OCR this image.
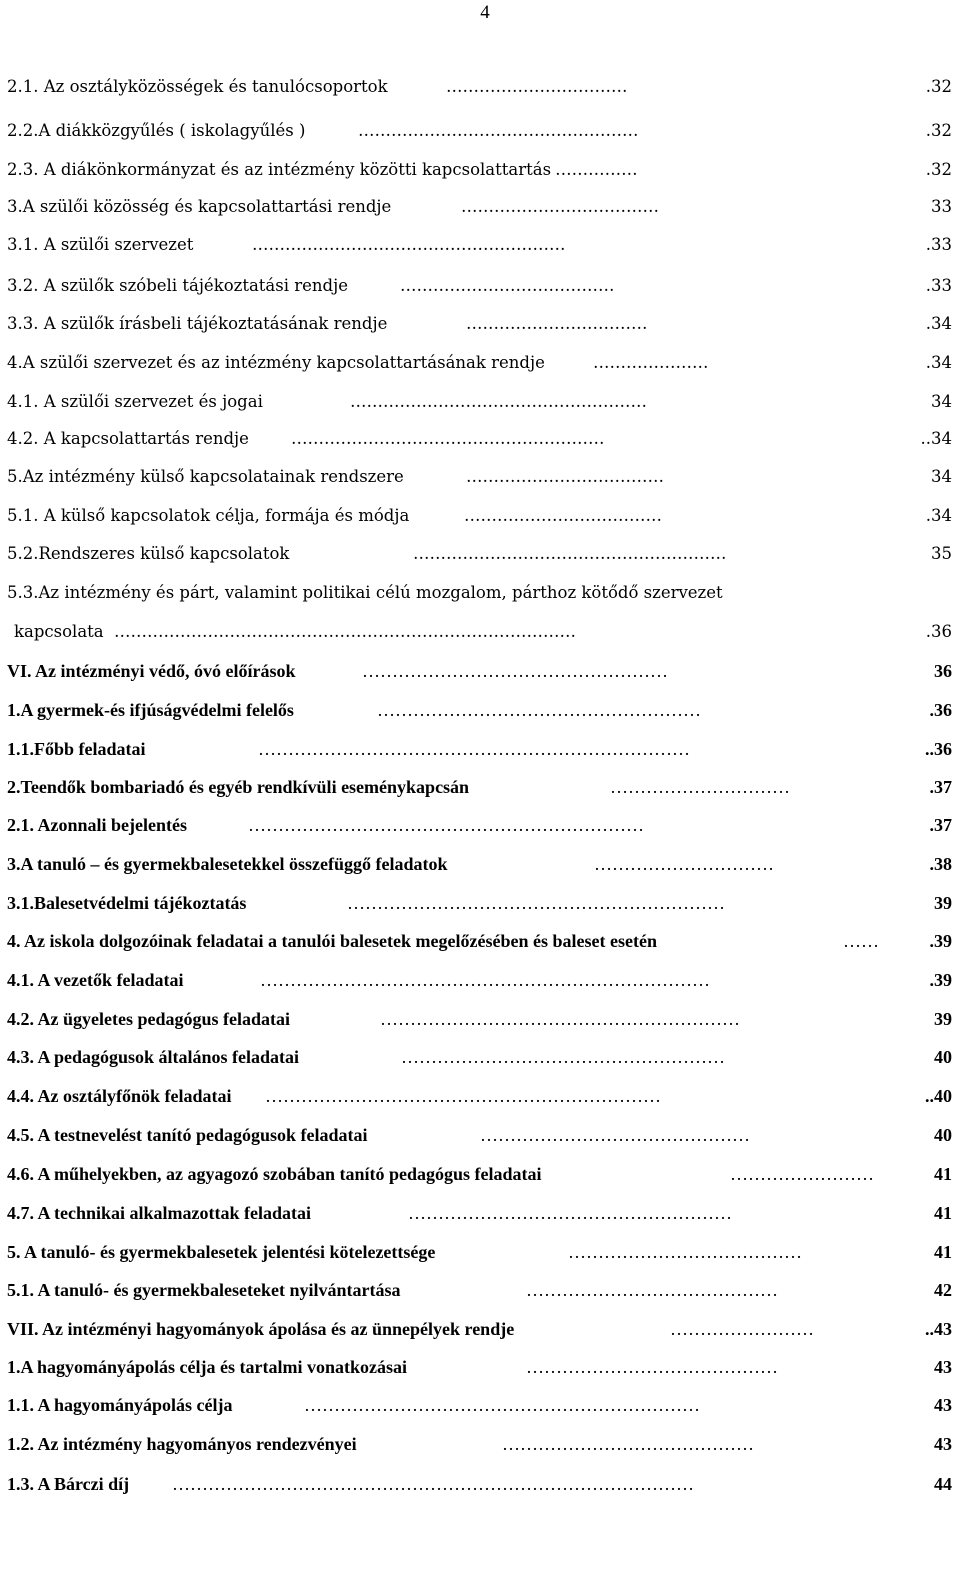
4
2.1. Az osztályközösségek és tanulócsoportok	……………………………	.32
2.2.A diákközgyűlés ( iskolagyűlés )	……………………………………………	.32
2.3. A diákönkormányzat és az intézmény közötti kapcsolattartás ……………	.32
3.A szülői közösség és kapcsolattartási rendje	………………………………	33
3.1. A szülői szervezet	…………………………………………………	.33
3.2. A szülők szóbeli tájékoztatási rendje	…………………………………	.33
3.3. A szülők írásbeli tájékoztatásának rendje	……………………………	.34
4.A szülői szervezet és az intézmény kapcsolattartásának rendje	…………………	.34
4.1. A szülői szervezet és jogai	………………………………………………	34
4.2. A kapcsolattartás rendje	…………………………………………………	..34
5.Az intézmény külső kapcsolatainak rendszere	………………………………	34
5.1. A külső kapcsolatok célja, formája és módja	………………………………	.34
5.2.Rendszeres külső kapcsolatok	…………………………………………………	35
5.3.Az intézmény és párt, valamint politikai célú mozgalom, párthoz kötődő szervezet
kapcsolata …………………………………………………………………………	.36
VI. Az intézményi védő, óvó előírások	……………………………………………	36
1.A gyermek-és ifjúságvédelmi felelős	………………………………………………	.36
1.1.Főbb feladatai	………………………………………………………………	..36
2.Teendők bombariadó és egyéb rendkívüli eseménykapcsán	…………………………	.37
2.1. Azonnali bejelentés	…………………………………………………………	.37
3.A tanuló – és gyermekbalesetekkel összefüggő feladatok	…………………………	.38
3.1.Balesetvédelmi tájékoztatás	………………………………………………………	39
4. Az iskola dolgozóinak feladatai a tanulói balesetek megelőzésében és baleset esetén	……	.39
4.1. A vezetők feladatai	…………………………………………………………………	.39
4.2. Az ügyeletes pedagógus feladatai	……………………………………………………	39
4.3. A pedagógusok általános feladatai	………………………………………………	40
4.4. Az osztályfőnök feladatai …………………………………………………………	..40
4.5. A testnevelést tanító pedagógusok feladatai	………………………………………	40
4.6. A műhelyekben, az agyagozó szobában tanító pedagógus feladatai	……………………	41
4.7. A technikai alkalmazottak feladatai	………………………………………………	41
5. A tanuló- és gyermekbalesetek jelentési kötelezettsége	…………………………………	41
5.1. A tanuló- és gyermekbaleseteket nyilvántartása	……………………………………	42
VII. Az intézményi hagyományok ápolása és az ünnepélyek rendje	……………………	..43
1.A hagyományápolás célja és tartalmi vonatkozásai	……………………………………	43
1.1. A hagyományápolás célja	…………………………………………………………	43
1.2. Az intézmény hagyományos rendezvényei	……………………………………	43
1.3. A Bárczi díj ……………………………………………………………………………	44
